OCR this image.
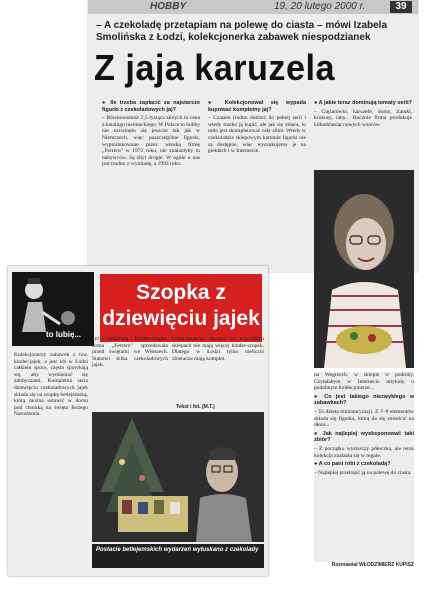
HOBBY	19, 20 lutego 2000 r.	39
– A czekoladę przetapiam na polewę do ciasta – mówi Izabela Smolińska z Łodzi, kolekcjonerka zabawek niespodzianek
Z jaja karuzela

● Ile trzeba zapłacić za najstarsze figurki z czekoladowych jaj?

– Równowartość 2,5 tysiąca złotych to cena z katalogu niemieckiego. W Polsce to hobby nie rozwinęło się jeszcze tak jak w Niemczech, więc poszczególne figurki, wyprodukowane przez włoską firmę „Ferrero” w 1972 roku, nie znalazłyby tu nabywców. Są zbyt drogie. W ogóle u nas jest trudno o wymianę, a 1993 roku.

● Kolekcjonował się wypada kupować kompletny jaj?

– Czasem trudno dotrzeć do pełnej serii i wtedy trzeba ją kupić, ale jak się zbiera, to miło jest skompletować cały zbiór. Wtedy w czekoladzie sklepowym kartonie figurki nie są dostępne, więc wyszukujemy je na giełdach i w Internecie.

● A jakie teraz dominują tematy serii?

– Ciężarówki, karuzele, domy, Zamki, krokusy, laby... Rocznie firma produkuje kilkadziesiąt nowych wzorów.

na Wegrzech, w sklepie w podróży. Czytałabym w Internecie artykuły o podobnym kolekcjonerze...

● Co jest takiego niezwykłego w zabawkach?

– To dzieła miniaturyzacji. Z 7–8 elementów składa się figurka, którą da się zmieścić na dłoni...

● Jak najlepiej wyeksponować taki zbiór?

– Z początku wystarczy półeczka, ale teraz kolekcja znalazła się w regale.

● A co pani robi z czekoladą?

– Najlepiej przetopić ją na polewę do ciasta.

Rozmawiał WŁODZIMIERZ KUPISZ
to lubię...
Szopka z dziewięciu jajek
Kolekcjonerzy zabawek z tzw. kinder-jajek, a jest ich w Łodzi całkiem sporo, często spotykają się, aby wymieniać się zdobyczami. Kompletna seria dziewięciu czekoladowych jajek składa się na szopkę betlejemską, którą można ustawić w domu pod choinką na święta Bożego Narodzenia.
żyć z czekoladą... Kinder-szopka, firma „Ferrero” sprzedawała przed świętami we Włoszech. Stanowi kilka czekoladowych jajek.
kolekcjonerów, niestety we wszystkich sklepach nie mają więcej kinder-szopek. Dlatego w Łodzi tylko nieliczni zbieracze mają komplet.
Tekst i fot. (M.T.)
Postacie betlejemskich wydarzeń wyłuskano z czekolady
